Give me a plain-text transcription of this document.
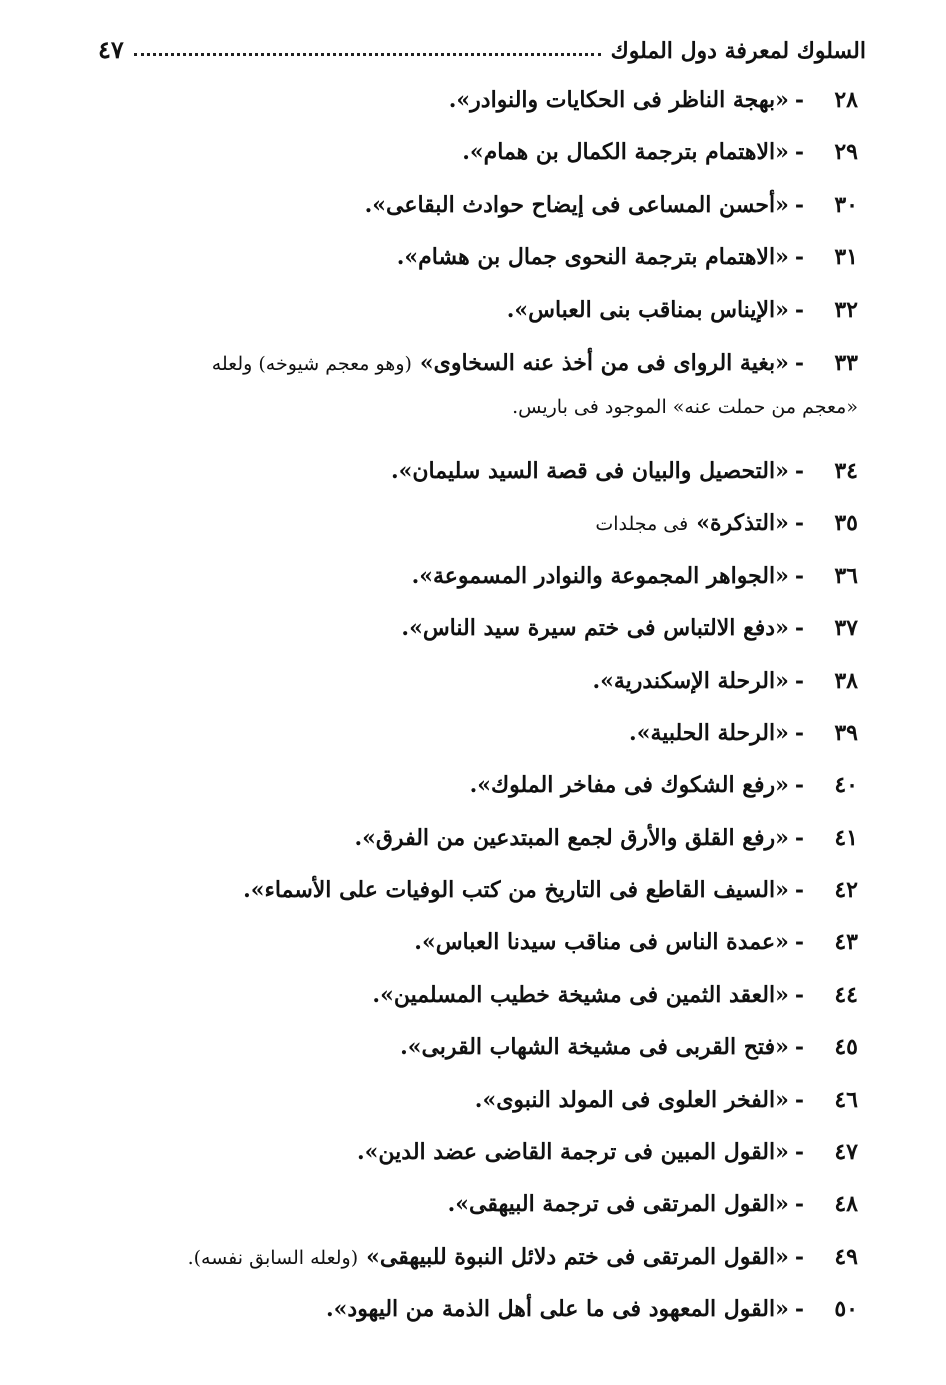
السلوك لمعرفة دول الملوك
٤٧
٢٨
-
«بهجة الناظر فى الحكايات والنوادر».
٢٩
-
«الاهتمام بترجمة الكمال بن همام».
٣٠
-
«أحسن المساعى فى إيضاح حوادث البقاعى».
٣١
-
«الاهتمام بترجمة النحوى جمال بن هشام».
٣٢
-
«الإيناس بمناقب بنى العباس».
٣٣-«بغية الرواى فى من أخذ عنه السخاوى»(وهو معجم شيوخه) ولعله
«معجم من حملت عنه» الموجود فى باريس.
٣٤
-
«التحصيل والبيان فى قصة السيد سليمان».
٣٥
-
«التذكرة»
فى مجلدات
٣٦
-
«الجواهر المجموعة والنوادر المسموعة».
٣٧
-
«دفع الالتباس فى ختم سيرة سيد الناس».
٣٨
-
«الرحلة الإسكندرية».
٣٩
-
«الرحلة الحلبية».
٤٠
-
«رفع الشكوك فى مفاخر الملوك».
٤١
-
«رفع القلق والأرق لجمع المبتدعين من الفرق».
٤٢
-
«السيف القاطع فى التاريخ من كتب الوفيات على الأسماء».
٤٣
-
«عمدة الناس فى مناقب سيدنا العباس».
٤٤
-
«العقد الثمين فى مشيخة خطيب المسلمين».
٤٥
-
«فتح القربى فى مشيخة الشهاب القربى».
٤٦
-
«الفخر العلوى فى المولد النبوى».
٤٧
-
«القول المبين فى ترجمة القاضى عضد الدين».
٤٨
-
«القول المرتقى فى ترجمة البيهقى».
٤٩
-
«القول المرتقى فى ختم دلائل النبوة للبيهقى»
(ولعله السابق نفسه).
٥٠
-
«القول المعهود فى ما على أهل الذمة من اليهود».
